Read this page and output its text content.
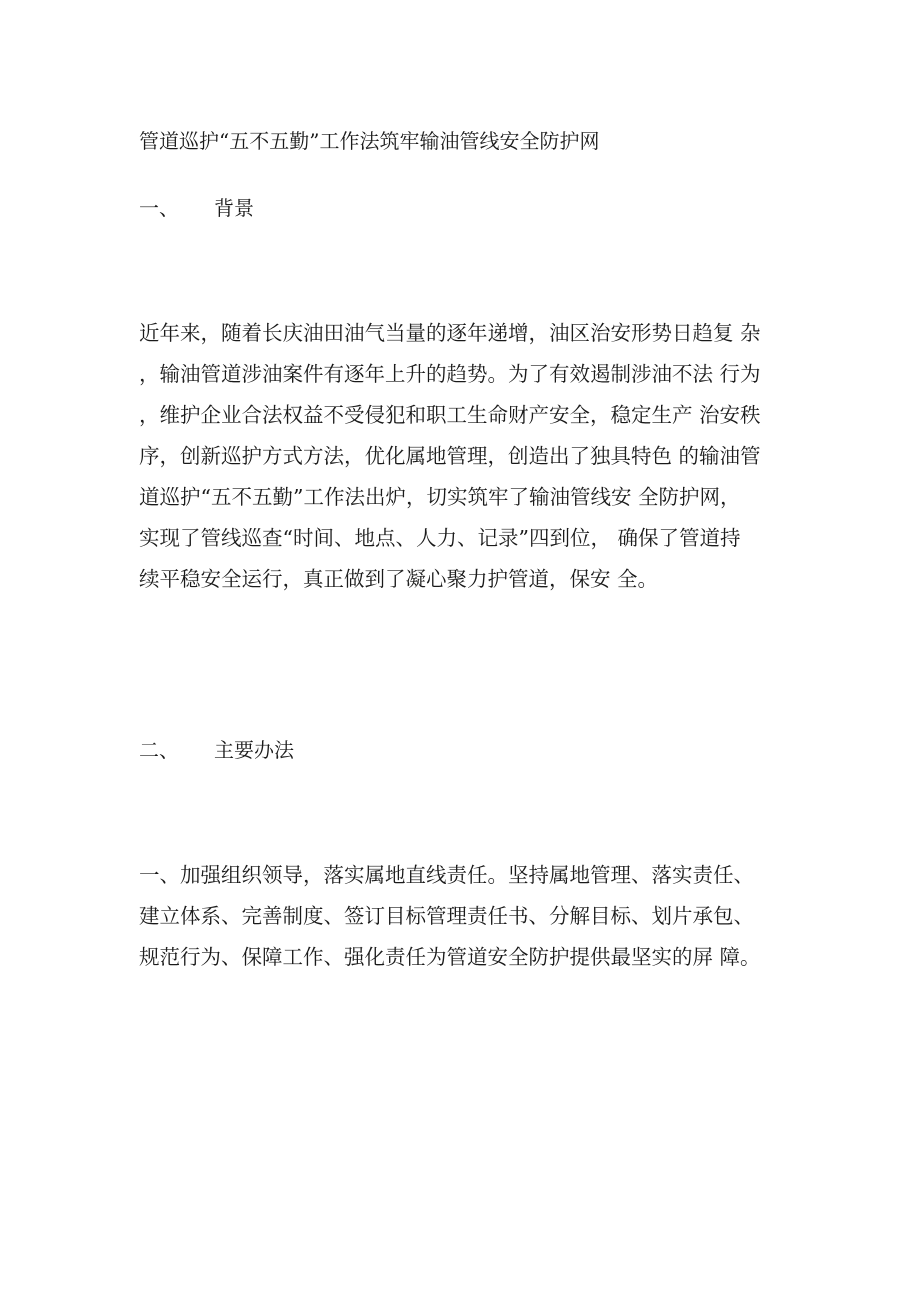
管道巡护“五不五勤”工作法筑牢输油管线安全防护网
一、 背景
近年来，随着长庆油田油气当量的逐年递增，油区治安形势日趋复 杂
，输油管道涉油案件有逐年上升的趋势。为了有效遏制涉油不法 行为
，维护企业合法权益不受侵犯和职工生命财产安全，稳定生产 治安秩
序，创新巡护方式方法，优化属地管理，创造出了独具特色 的输油管
道巡护“五不五勤”工作法出炉，切实筑牢了输油管线安 全防护网，
实现了管线巡查“时间、地点、人力、记录”四到位， 确保了管道持
续平稳安全运行，真正做到了凝心聚力护管道，保安 全。
二、 主要办法
一、加强组织领导，落实属地直线责任。坚持属地管理、落实责任、
建立体系、完善制度、签订目标管理责任书、分解目标、划片承包、
规范行为、保障工作、强化责任为管道安全防护提供最坚实的屏 障。
